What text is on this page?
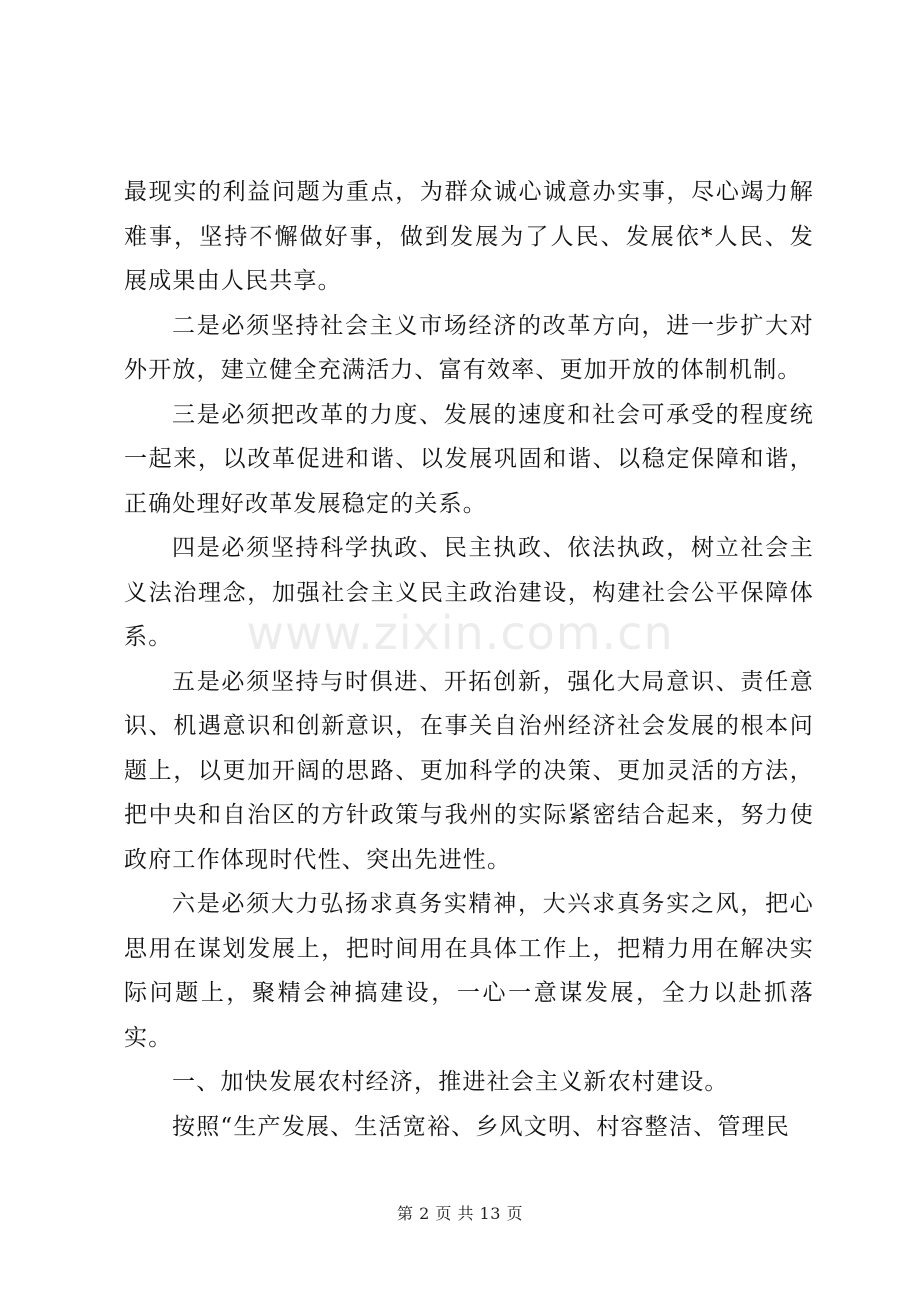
最现实的利益问题为重点，为群众诚心诚意办实事，尽心竭力解难事，坚持不懈做好事，做到发展为了人民、发展依*人民、发展成果由人民共享。

二是必须坚持社会主义市场经济的改革方向，进一步扩大对外开放，建立健全充满活力、富有效率、更加开放的体制机制。

三是必须把改革的力度、发展的速度和社会可承受的程度统一起来，以改革促进和谐、以发展巩固和谐、以稳定保障和谐，正确处理好改革发展稳定的关系。

四是必须坚持科学执政、民主执政、依法执政，树立社会主义法治理念，加强社会主义民主政治建设，构建社会公平保障体系。

五是必须坚持与时俱进、开拓创新，强化大局意识、责任意识、机遇意识和创新意识，在事关自治州经济社会发展的根本问题上，以更加开阔的思路、更加科学的决策、更加灵活的方法，把中央和自治区的方针政策与我州的实际紧密结合起来，努力使政府工作体现时代性、突出先进性。

六是必须大力弘扬求真务实精神，大兴求真务实之风，把心思用在谋划发展上，把时间用在具体工作上，把精力用在解决实际问题上，聚精会神搞建设，一心一意谋发展，全力以赴抓落实。

一、加快发展农村经济，推进社会主义新农村建设。

按照“生产发展、生活宽裕、乡风文明、村容整洁、管理民

www.zixin.com.cn
第 2 页 共 13 页
